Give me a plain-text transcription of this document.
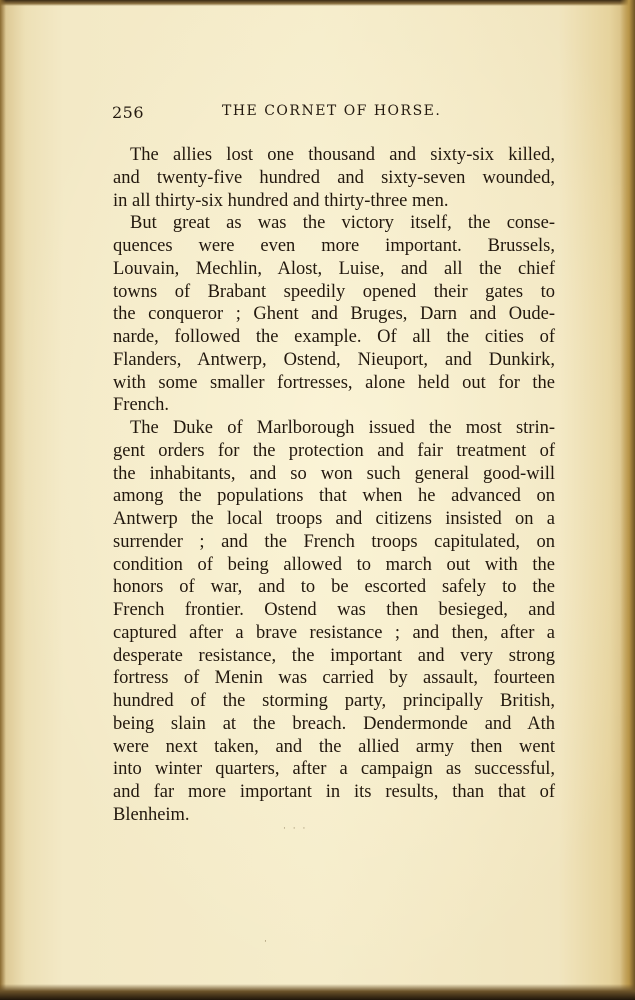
256	THE CORNET OF HORSE.
The allies lost one thousand and sixty-six killed,
and twenty-five hundred and sixty-seven wounded,
in all thirty-six hundred and thirty-three men.
But great as was the victory itself, the conse-
quences were even more important. Brussels,
Louvain, Mechlin, Alost, Luise, and all the chief
towns of Brabant speedily opened their gates to
the conqueror ; Ghent and Bruges, Darn and Oude-
narde, followed the example. Of all the cities of
Flanders, Antwerp, Ostend, Nieuport, and Dunkirk,
with some smaller fortresses, alone held out for the
French.
The Duke of Marlborough issued the most strin-
gent orders for the protection and fair treatment of
the inhabitants, and so won such general good-will
among the populations that when he advanced on
Antwerp the local troops and citizens insisted on a
surrender ; and the French troops capitulated, on
condition of being allowed to march out with the
honors of war, and to be escorted safely to the
French frontier. Ostend was then besieged, and
captured after a brave resistance ; and then, after a
desperate resistance, the important and very strong
fortress of Menin was carried by assault, fourteen
hundred of the storming party, principally British,
being slain at the breach. Dendermonde and Ath
were next taken, and the allied army then went
into winter quarters, after a campaign as successful,
and far more important in its results, than that of
Blenheim.
· · ·
·
